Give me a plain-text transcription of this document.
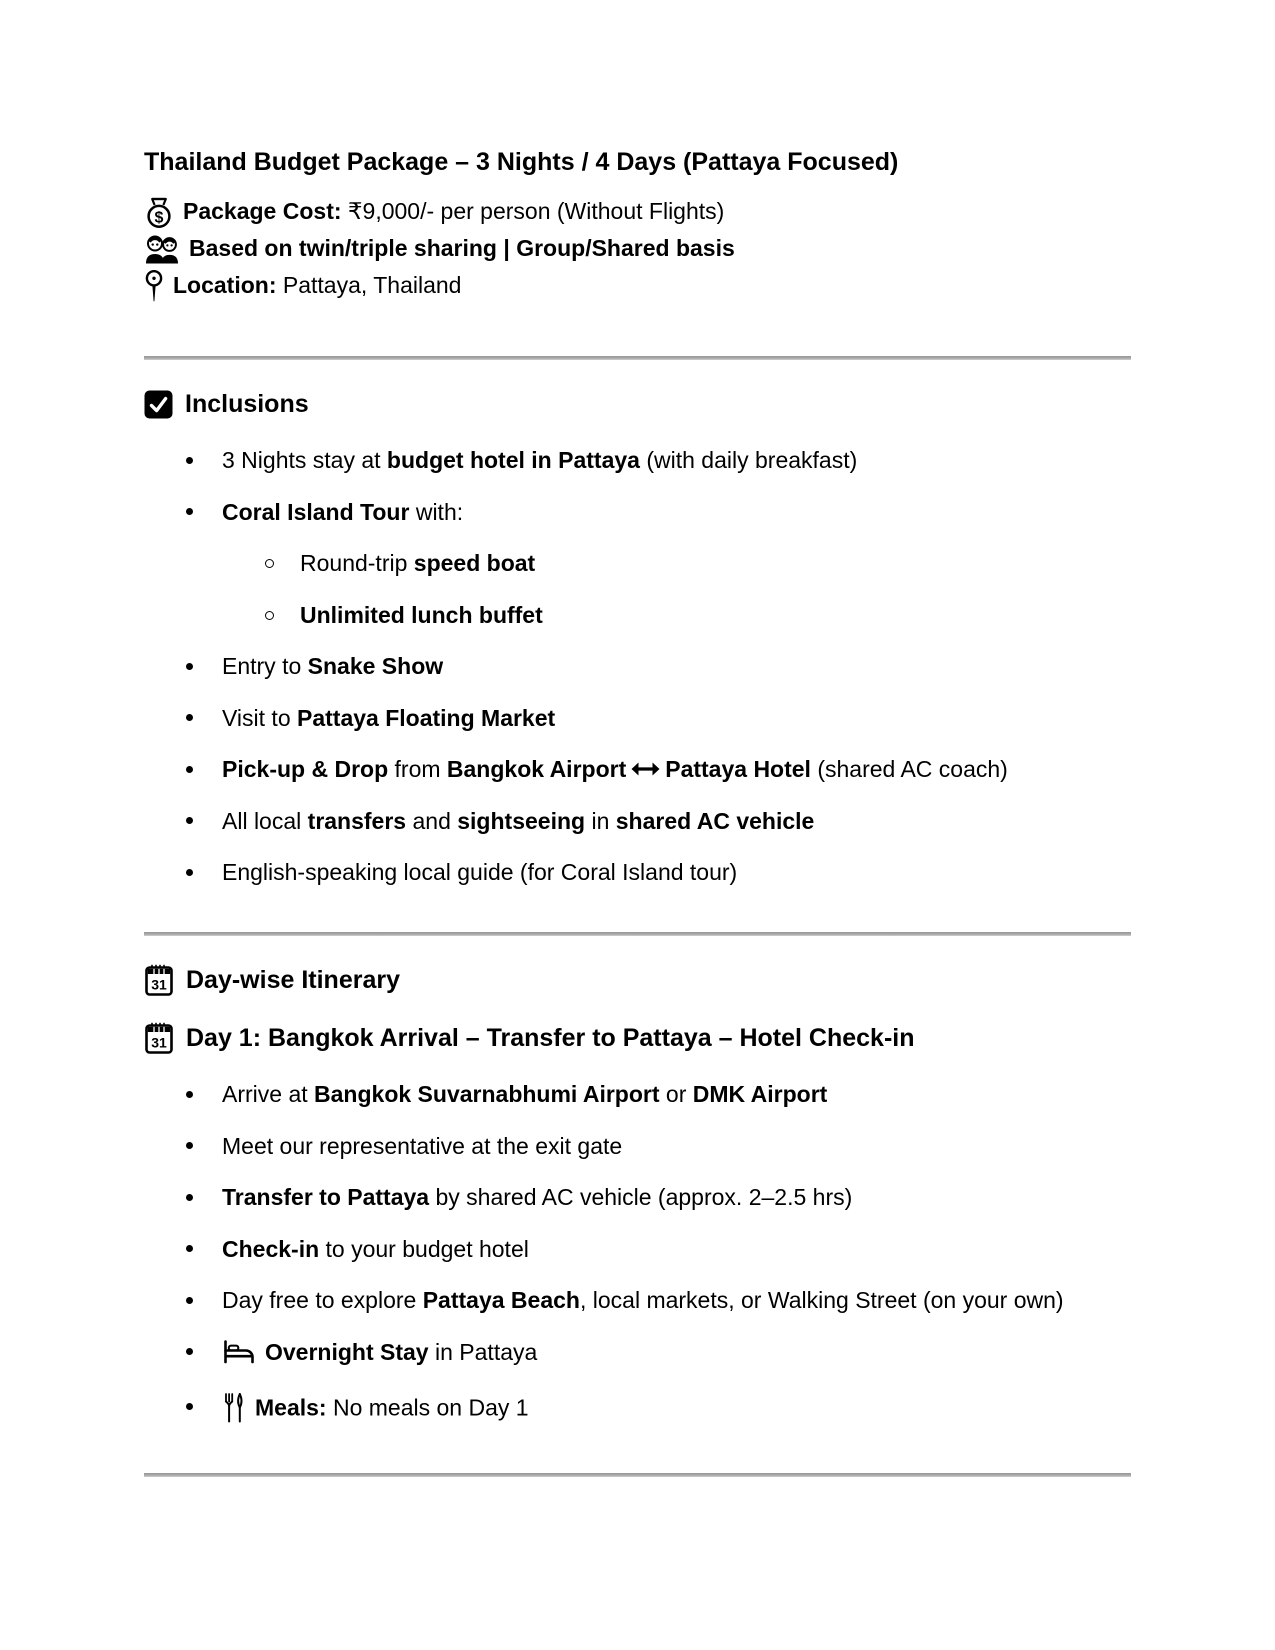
Thailand Budget Package – 3 Nights / 4 Days (Pattaya Focused)
$ Package Cost: ₹9,000/- per person (Without Flights)
Based on twin/triple sharing | Group/Shared basis
Location: Pattaya, Thailand
Inclusions
3 Nights stay at budget hotel in Pattaya (with daily breakfast)
Coral Island Tour with:
Round-trip speed boat
Unlimited lunch buffet
Entry to Snake Show
Visit to Pattaya Floating Market
Pick-up & Drop from Bangkok Airport Pattaya Hotel (shared AC coach)
All local transfers and sightseeing in shared AC vehicle
English-speaking local guide (for Coral Island tour)
31 Day-wise Itinerary
31 Day 1: Bangkok Arrival – Transfer to Pattaya – Hotel Check-in
Arrive at Bangkok Suvarnabhumi Airport or DMK Airport
Meet our representative at the exit gate
Transfer to Pattaya by shared AC vehicle (approx. 2–2.5 hrs)
Check-in to your budget hotel
Day free to explore Pattaya Beach, local markets, or Walking Street (on your own)
Overnight Stay in Pattaya
Meals: No meals on Day 1
